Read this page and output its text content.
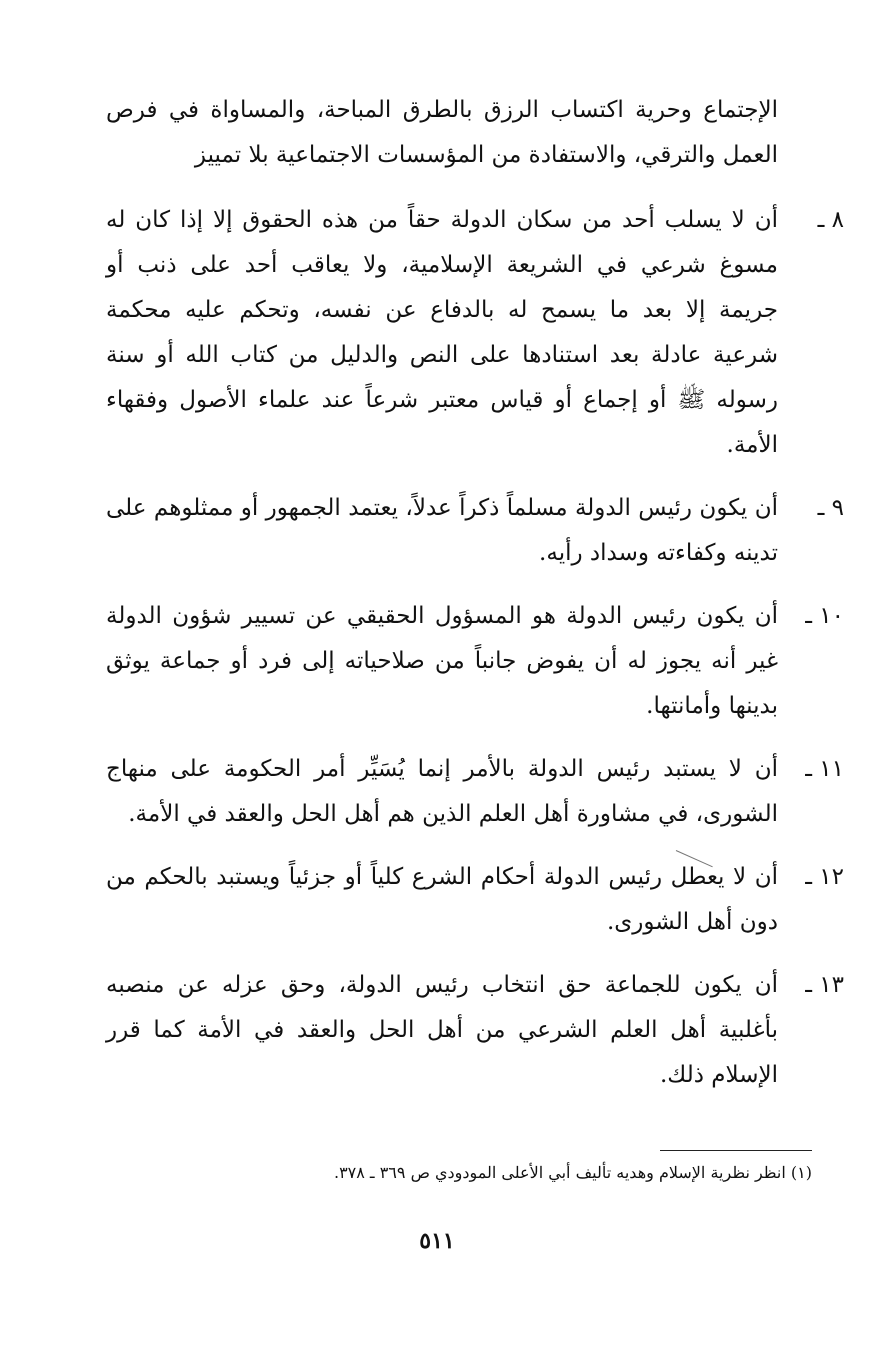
الإجتماع وحرية اكتساب الرزق بالطرق المباحة، والمساواة في فرص العمل والترقي، والاستفادة من المؤسسات الاجتماعية بلا تمييز

٨ ـ
أن لا يسلب أحد من سكان الدولة حقاً من هذه الحقوق إلا إذا كان له مسوغ شرعي في الشريعة الإسلامية، ولا يعاقب أحد على ذنب أو جريمة إلا بعد ما يسمح له بالدفاع عن نفسه، وتحكم عليه محكمة شرعية عادلة بعد استنادها على النص والدليل من كتاب الله أو سنة رسوله ﷺ أو إجماع أو قياس معتبر شرعاً عند علماء الأصول وفقهاء الأمة.
٩ ـ
أن يكون رئيس الدولة مسلماً ذكراً عدلاً، يعتمد الجمهور أو ممثلوهم على تدينه وكفاءته وسداد رأيه.
١٠ ـ
أن يكون رئيس الدولة هو المسؤول الحقيقي عن تسيير شؤون الدولة غير أنه يجوز له أن يفوض جانباً من صلاحياته إلى فرد أو جماعة يوثق بدينها وأمانتها.
١١ ـ
أن لا يستبد رئيس الدولة بالأمر إنما يُسَيِّر أمر الحكومة على منهاج الشورى، في مشاورة أهل العلم الذين هم أهل الحل والعقد في الأمة.
١٢ ـ
أن لا يعطل رئيس الدولة أحكام الشرع كلياً أو جزئياً ويستبد بالحكم من دون أهل الشورى.
١٣ ـ
أن يكون للجماعة حق انتخاب رئيس الدولة، وحق عزله عن منصبه بأغلبية أهل العلم الشرعي من أهل الحل والعقد في الأمة كما قرر الإسلام ذلك.
(١) انظر نظرية الإسلام وهديه تأليف أبي الأعلى المودودي ص ٣٦٩ ـ ٣٧٨.
٥١١
